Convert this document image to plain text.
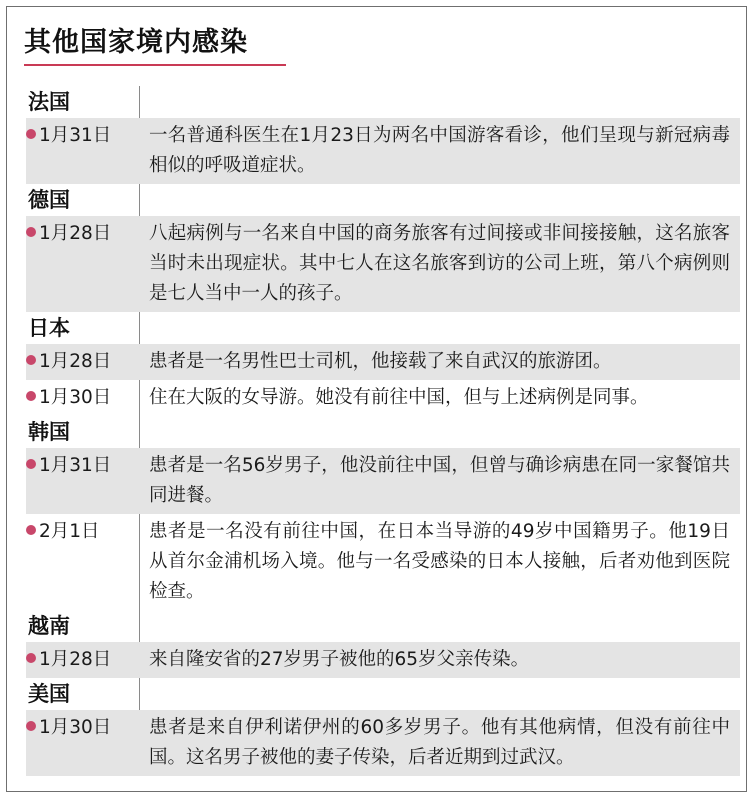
其他国家境内感染
法国
1月31日	一名普通科医生在1月23日为两名中国游客看诊，他们呈现与新冠病毒相似的呼吸道症状。
德国
1月28日	八起病例与一名来自中国的商务旅客有过间接或非间接接触，这名旅客当时未出现症状。其中七人在这名旅客到访的公司上班，第八个病例则是七人当中一人的孩子。
日本
1月28日	患者是一名男性巴士司机，他接载了来自武汉的旅游团。
1月30日	住在大阪的女导游。她没有前往中国，但与上述病例是同事。
韩国
1月31日	患者是一名56岁男子，他没前往中国，但曾与确诊病患在同一家餐馆共同进餐。
2月1日	患者是一名没有前往中国，在日本当导游的49岁中国籍男子。他19日从首尔金浦机场入境。他与一名受感染的日本人接触，后者劝他到医院检查。
越南
1月28日	来自隆安省的27岁男子被他的65岁父亲传染。
美国
1月30日	患者是来自伊利诺伊州的60多岁男子。他有其他病情，但没有前往中国。这名男子被他的妻子传染，后者近期到过武汉。
